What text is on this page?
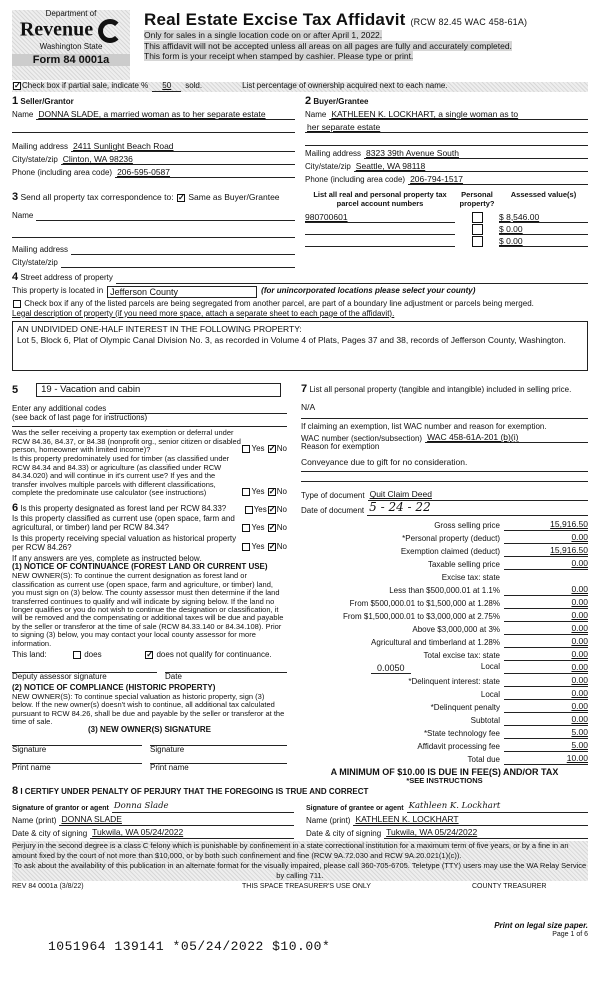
Department of
Revenue
Washington State
Form 84 0001a
Real Estate Excise Tax Affidavit (RCW 82.45 WAC 458-61A)
Only for sales in a single location code on or after April 1, 2022.
This affidavit will not be accepted unless all areas on all pages are fully and accurately completed.
This form is your receipt when stamped by cashier. Please type or print.
✓ Check box if partial sale, indicate %	50	sold.	List percentage of ownership acquired next to each name.
1 Seller/Grantor
Name DONNA SLADE, a married woman as to her separate estate
Mailing address 2411 Sunlight Beach Road
City/state/zip Clinton, WA 98236
Phone (including area code) 206-595-0587
2 Buyer/Grantee
Name KATHLEEN K. LOCKHART, a single woman as to
her separate estate
Mailing address 8323 39th Avenue South
City/state/zip Seattle, WA 98118
Phone (including area code) 206-794-1517
3 Send all property tax correspondence to: ✓ Same as Buyer/Grantee
Name
Mailing address
City/state/zip
List all real and personal property tax parcel account numbers
Personal property?
Assessed value(s)
980700601	$ 8,546.00
$ 0.00
$ 0.00
4 Street address of property
This property is located in Jefferson County	(for unincorporated locations please select your county)
Check box if any of the listed parcels are being segregated from another parcel, are part of a boundary line adjustment or parcels being merged.
Legal description of property (if you need more space, attach a separate sheet to each page of the affidavit).
AN UNDIVIDED ONE-HALF INTEREST IN THE FOLLOWING PROPERTY:
Lot 5, Block 6, Plat of Olympic Canal Division No. 3, as recorded in Volume 4 of Plats, Pages 37 and 38, records of Jefferson County, Washington.
5	19 - Vacation and cabin
Enter any additional codes
(see back of last page for instructions)
Was the seller receiving a property tax exemption or deferral under RCW 84.36, 84.37, or 84.38 (nonprofit org., senior citizen or disabled person, homeowner with limited income)?	Yes ✓No
Is this property predominately used for timber (as classified under RCW 84.34 and 84.33) or agriculture (as classified under RCW 84.34.020) and will continue in it's current use? If yes and the transfer involves multiple parcels with different classifications, complete the predominate use calculator (see instructions)	Yes ✓No
6 Is this property designated as forest land per RCW 84.33?	Yes ✓No
Is this property classified as current use (open space, farm and agricultural, or timber) land per RCW 84.34?	Yes ✓No
Is this property receiving special valuation as historical property per RCW 84.26?	Yes ✓No
If any answers are yes, complete as instructed below.
(1) NOTICE OF CONTINUANCE (FOREST LAND OR CURRENT USE)
NEW OWNER(S): To continue the current designation as forest land or classification as current use (open space, farm and agriculture, or timber) land, you must sign on (3) below. The county assessor must then determine if the land transferred continues to qualify and will indicate by signing below. If the land no longer qualifies or you do not wish to continue the designation or classification, it will be removed and the compensating or additional taxes will be due and payable by the seller or transferor at the time of sale (RCW 84.33.140 or 84.34.108). Prior to signing (3) below, you may contact your local county assessor for more information.
This land:
	does	✓
does not qualify for continuance.
Deputy assessor signature	Date
(2) NOTICE OF COMPLIANCE (HISTORIC PROPERTY)
NEW OWNER(S): To continue special valuation as historic property, sign (3) below. If the new owner(s) doesn't wish to continue, all additional tax calculated pursuant to RCW 84.26, shall be due and payable by the seller or transferor at the time of sale.
(3) NEW OWNER(S) SIGNATURE
Signature	Signature
Print name	Print name
7 List all personal property (tangible and intangible) included in selling price.
N/A
If claiming an exemption, list WAC number and reason for exemption.
WAC number (section/subsection) WAC 458-61A-201 (b)(i)
Reason for exemption
Conveyance due to gift for no consideration.
Type of document Quit Claim Deed
Date of document 5 - 24 - 22
Gross selling price	15,916.50
*Personal property (deduct)	0.00
Exemption claimed (deduct)	15,916.50
Taxable selling price	0.00
Excise tax: state
Less than $500,000.01 at 1.1%	0.00
From $500,000.01 to $1,500,000 at 1.28%	0.00
From $1,500,000.01 to $3,000,000 at 2.75%	0.00
Above $3,000,000 at 3%	0.00
Agricultural and timberland at 1.28%	0.00
Total excise tax: state	0.00
0.0050	Local	0.00
*Delinquent interest: state	0.00
Local	0.00
*Delinquent penalty	0.00
Subtotal	0.00
*State technology fee	5.00
Affidavit processing fee	5.00
Total due	10.00
A MINIMUM OF $10.00 IS DUE IN FEE(S) AND/OR TAX
*SEE INSTRUCTIONS
8 I CERTIFY UNDER PENALTY OF PERJURY THAT THE FOREGOING IS TRUE AND CORRECT
Signature of grantor or agent Donna Slade
Name (print) DONNA SLADE
Date & city of signing Tukwila, WA 05/24/2022
Signature of grantee or agent Kathleen K. Lockhart
Name (print) KATHLEEN K. LOCKHART
Date & city of signing Tukwila, WA 05/24/2022
Perjury in the second degree is a class C felony which is punishable by confinement in a state correctional institution for a maximum term of five years, or by a fine in an amount fixed by the court of not more than $10,000, or by both such confinement and fine (RCW 9A.72.030 and RCW 9A.20.021(1)(c)).
To ask about the availability of this publication in an alternate format for the visually impaired, please call 360-705-6705. Teletype (TTY) users may use the WA Relay Service by calling 711.
REV 84 0001a (3/8/22)	THIS SPACE TREASURER'S USE ONLY	COUNTY TREASURER
Print on legal size paper.
Page 1 of 6
1051964 139141 *05/24/2022 $10.00*
